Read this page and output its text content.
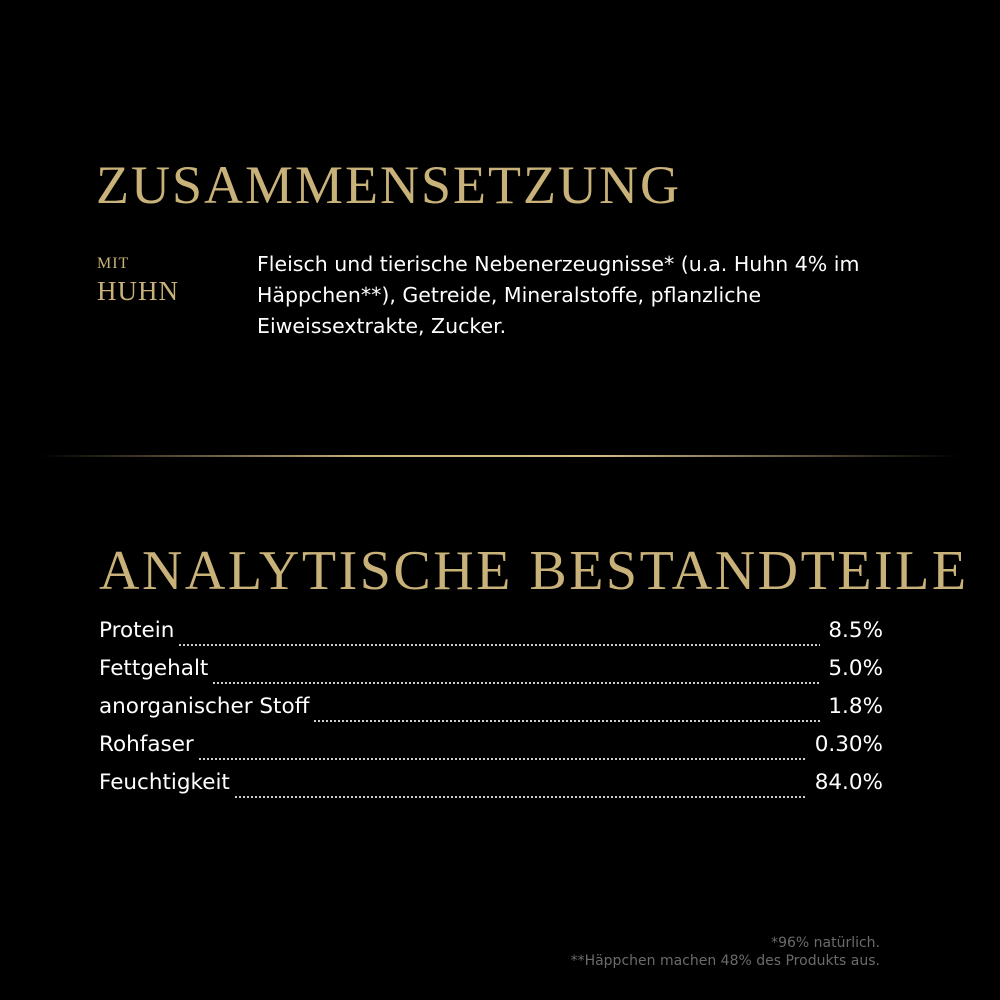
ZUSAMMENSETZUNG
MIT
HUHN

Fleisch und tierische Nebenerzeugnisse* (u.a. Huhn 4% im Häppchen**), Getreide, Mineralstoffe, pflanzliche Eiweissextrakte, Zucker.

ANALYTISCHE BESTANDTEILE
Protein	8.5%
Fettgehalt	5.0%
anorganischer Stoff	1.8%
Rohfaser	0.30%
Feuchtigkeit	84.0%
*96% natürlich.
**Häppchen machen 48% des Produkts aus.
